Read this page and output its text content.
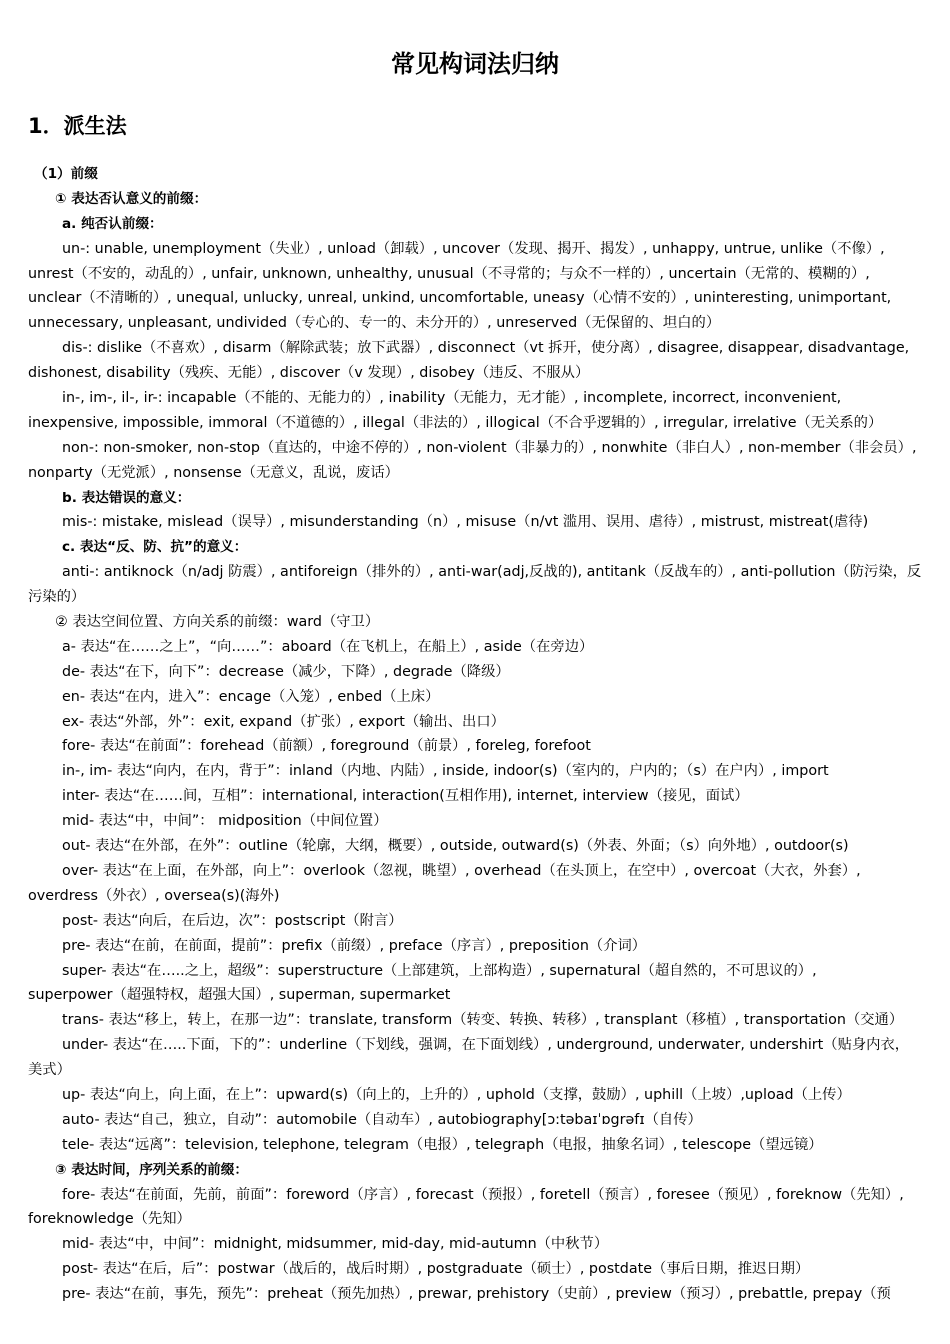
常见构词法归纳
1．派生法
（1）前缀
① 表达否认意义的前缀：
a. 纯否认前缀：
un-: unable, unemployment（失业）, unload（卸载）, uncover（发现、揭开、揭发）, unhappy, untrue, unlike（不像）,
unrest（不安的，动乱的）, unfair, unknown, unhealthy, unusual（不寻常的；与众不一样的）, uncertain（无常的、模糊的）,
unclear（不清晰的）, unequal, unlucky, unreal, unkind, uncomfortable, uneasy（心情不安的）, uninteresting, unimportant,
unnecessary, unpleasant, undivided（专心的、专一的、未分开的）, unreserved（无保留的、坦白的）
dis-: dislike（不喜欢）, disarm（解除武装；放下武器）, disconnect（vt 拆开，使分离）, disagree, disappear, disadvantage,
dishonest, disability（残疾、无能）, discover（v 发现）, disobey（违反、不服从）
in-, im-, il-, ir-: incapable（不能的、无能力的）, inability（无能力，无才能）, incomplete, incorrect, inconvenient,
inexpensive, impossible, immoral（不道德的）, illegal（非法的）, illogical（不合乎逻辑的）, irregular, irrelative（无关系的）
non-: non-smoker, non-stop（直达的，中途不停的）, non-violent（非暴力的）, nonwhite（非白人）, non-member（非会员）,
nonparty（无党派）, nonsense（无意义，乱说，废话）
b. 表达错误的意义：
mis-: mistake, mislead（误导）, misunderstanding（n）, misuse（n/vt 滥用、误用、虐待）, mistrust, mistreat(虐待)
c. 表达“反、防、抗”的意义：
anti-: antiknock（n/adj 防震）, antiforeign（排外的）, anti-war(adj,反战的), antitank（反战车的）, anti-pollution（防污染，反
污染的）
② 表达空间位置、方向关系的前缀：ward（守卫）
a- 表达“在……之上”，“向……”：aboard（在飞机上，在船上）, aside（在旁边）
de- 表达“在下，向下”：decrease（减少，下降）, degrade（降级）
en- 表达“在内，进入”：encage（入笼）, enbed（上床）
ex- 表达“外部，外”：exit, expand（扩张）, export（输出、出口）
fore- 表达“在前面”：forehead（前额）, foreground（前景）, foreleg, forefoot
in-, im- 表达“向内，在内，背于”：inland（内地、内陆）, inside, indoor(s)（室内的，户内的；（s）在户内）, import
inter- 表达“在……间，互相”：international, interaction(互相作用), internet, interview（接见，面试）
mid- 表达“中，中间”： midposition（中间位置）
out- 表达“在外部，在外”：outline（轮廓，大纲，概要）, outside, outward(s)（外表、外面；（s）向外地）, outdoor(s)
over- 表达“在上面，在外部，向上”：overlook（忽视，眺望）, overhead（在头顶上，在空中）, overcoat（大衣，外套）,
overdress（外衣）, oversea(s)(海外)
post- 表达“向后，在后边，次”：postscript（附言）
pre- 表达“在前，在前面，提前”：prefix（前缀）, preface（序言）, preposition（介词）
super- 表达“在…..之上，超级”：superstructure（上部建筑，上部构造）, supernatural（超自然的，不可思议的）,
superpower（超强特权，超强大国）, superman, supermarket
trans- 表达“移上，转上，在那一边”：translate, transform（转变、转换、转移）, transplant（移植）, transportation（交通）
under- 表达“在…..下面，下的”：underline（下划线，强调，在下面划线）, underground, underwater, undershirt（贴身内衣，
美式）
up- 表达“向上，向上面，在上”：upward(s)（向上的，上升的）, uphold（支撑，鼓励）, uphill（上坡）,upload（上传）
auto- 表达“自己，独立，自动”：automobile（自动车）, autobiography[ɔ:təbaɪˈɒgrəfɪ（自传）
tele- 表达“远离”：television, telephone, telegram（电报）, telegraph（电报，抽象名词）, telescope（望远镜）
③ 表达时间，序列关系的前缀：
fore- 表达“在前面，先前，前面”：foreword（序言）, forecast（预报）, foretell（预言）, foresee（预见）, foreknow（先知）,
foreknowledge（先知）
mid- 表达“中，中间”：midnight, midsummer, mid-day, mid-autumn（中秋节）
post- 表达“在后，后”：postwar（战后的，战后时期）, postgraduate（硕士）, postdate（事后日期，推迟日期）
pre- 表达“在前，事先，预先”：preheat（预先加热）, prewar, prehistory（史前）, preview（预习）, prebattle, prepay（预
